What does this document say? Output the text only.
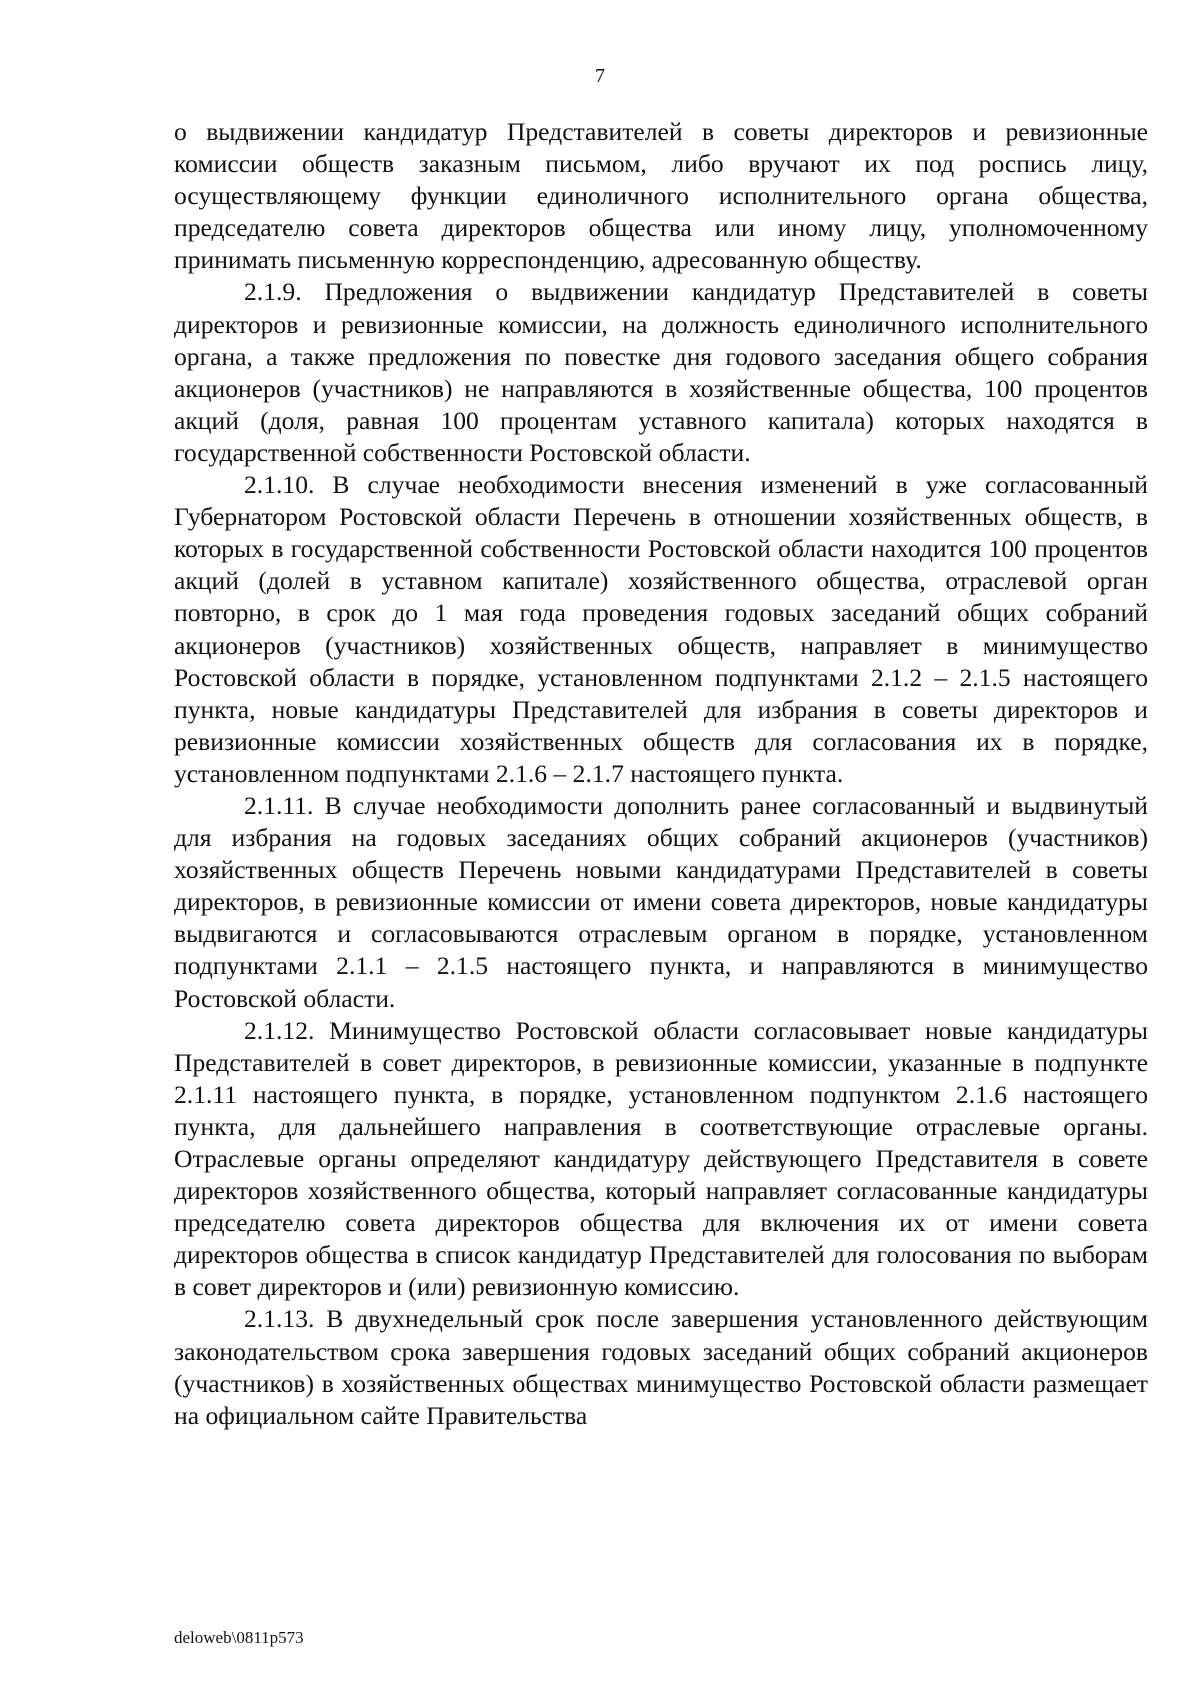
7

о выдвижении кандидатур Представителей в советы директоров и ревизионные комиссии обществ заказным письмом, либо вручают их под роспись лицу, осуществляющему функции единоличного исполнительного органа общества, председателю совета директоров общества или иному лицу, уполномоченному принимать письменную корреспонденцию, адресованную обществу.

2.1.9. Предложения о выдвижении кандидатур Представителей в советы директоров и ревизионные комиссии, на должность единоличного исполнительного органа, а также предложения по повестке дня годового заседания общего собрания акционеров (участников) не направляются в хозяйственные общества, 100 процентов акций (доля, равная 100 процентам уставного капитала) которых находятся в государственной собственности Ростовской области.

2.1.10. В случае необходимости внесения изменений в уже согласованный Губернатором Ростовской области Перечень в отношении хозяйственных обществ, в которых в государственной собственности Ростовской области находится 100 процентов акций (долей в уставном капитале) хозяйственного общества, отраслевой орган повторно, в срок до 1 мая года проведения годовых заседаний общих собраний акционеров (участников) хозяйственных обществ, направляет в минимущество Ростовской области в порядке, установленном подпунктами 2.1.2 – 2.1.5 настоящего пункта, новые кандидатуры Представителей для избрания в советы директоров и ревизионные комиссии хозяйственных обществ для согласования их в порядке, установленном подпунктами 2.1.6 – 2.1.7 настоящего пункта.

2.1.11. В случае необходимости дополнить ранее согласованный и выдвинутый для избрания на годовых заседаниях общих собраний акционеров (участников) хозяйственных обществ Перечень новыми кандидатурами Представителей в советы директоров, в ревизионные комиссии от имени совета директоров, новые кандидатуры выдвигаются и согласовываются отраслевым органом в порядке, установленном подпунктами 2.1.1 – 2.1.5 настоящего пункта, и направляются в минимущество Ростовской области.

2.1.12. Минимущество Ростовской области согласовывает новые кандидатуры Представителей в совет директоров, в ревизионные комиссии, указанные в подпункте 2.1.11 настоящего пункта, в порядке, установленном подпунктом 2.1.6 настоящего пункта, для дальнейшего направления в соответствующие отраслевые органы. Отраслевые органы определяют кандидатуру действующего Представителя в совете директоров хозяйственного общества, который направляет согласованные кандидатуры председателю совета директоров общества для включения их от имени совета директоров общества в список кандидатур Представителей для голосования по выборам в совет директоров и (или) ревизионную комиссию.

2.1.13. В двухнедельный срок после завершения установленного действующим законодательством срока завершения годовых заседаний общих собраний акционеров (участников) в хозяйственных обществах минимущество Ростовской области размещает на официальном сайте Правительства

deloweb\0811p573
